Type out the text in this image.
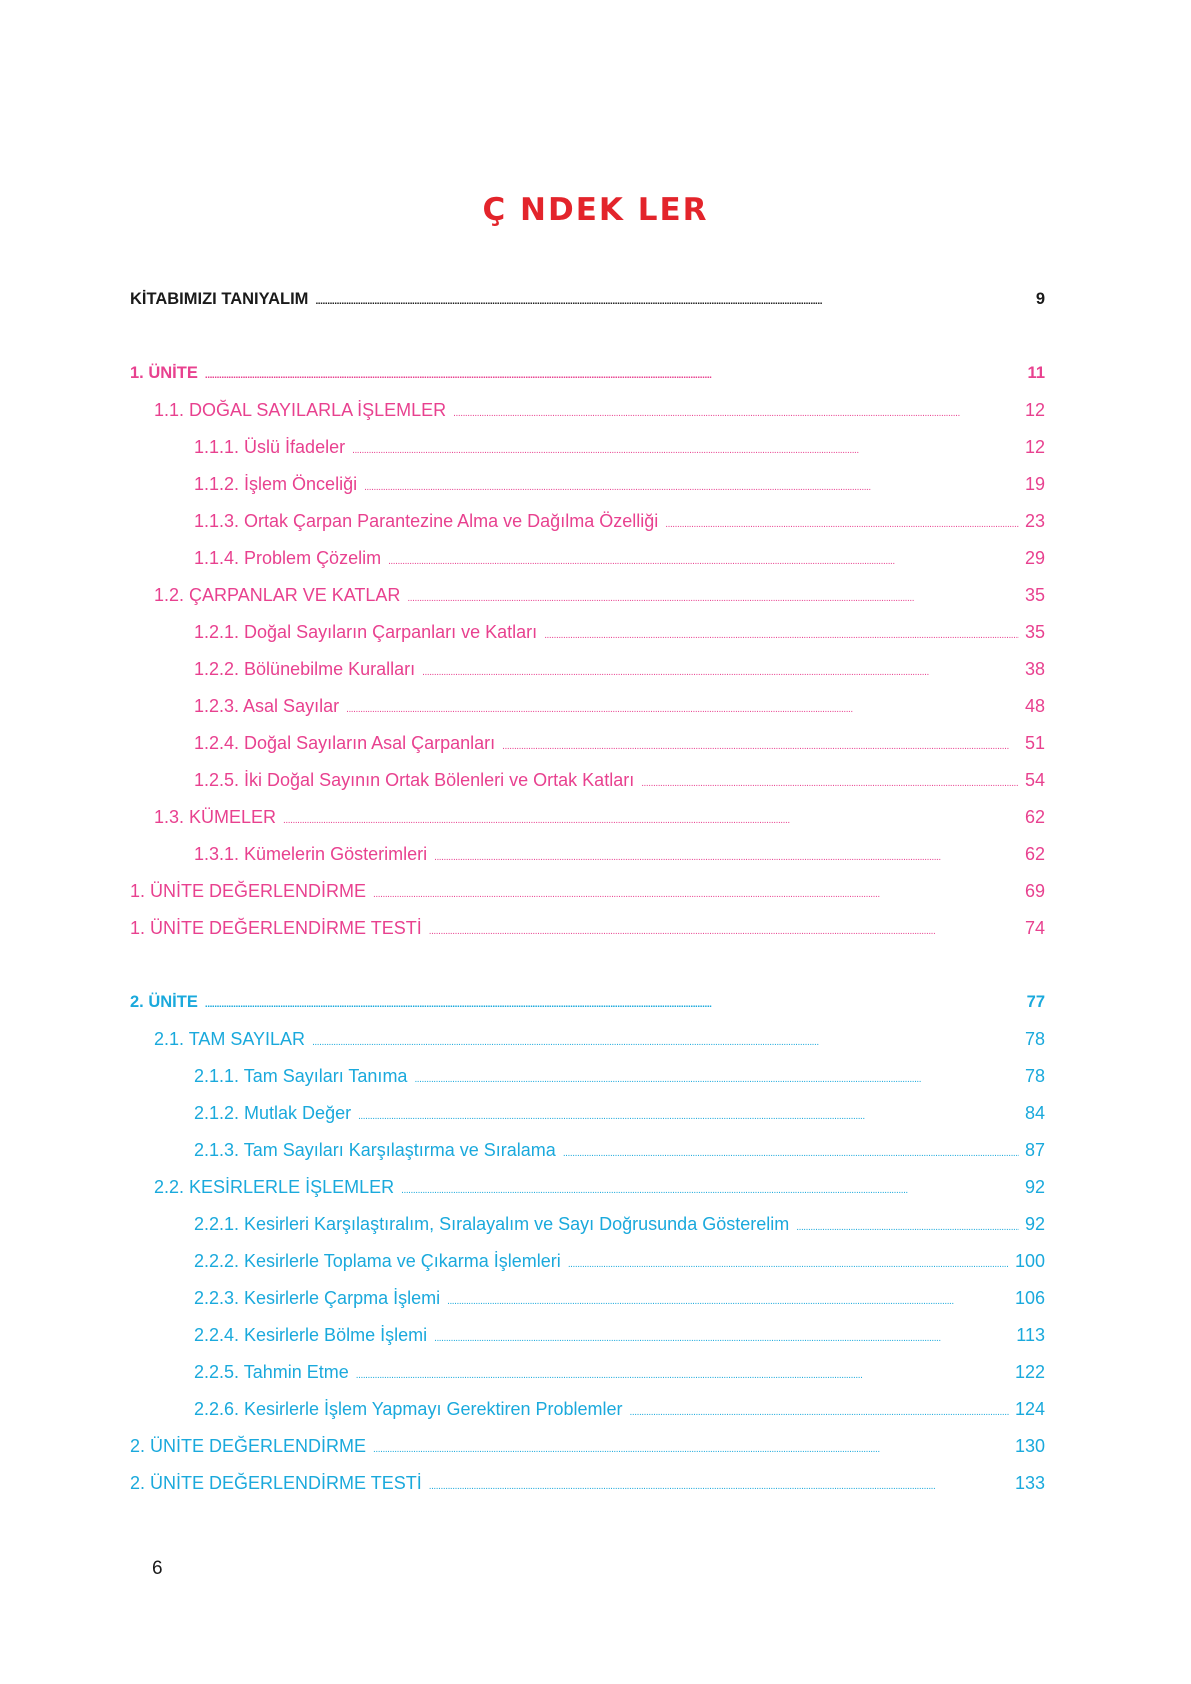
Ç NDEK LER
KİTABIMIZI TANIYALIM . . .	9
1. ÜNİTE . . .	11
1.1. DOĞAL SAYILARLA İŞLEMLER . . .	12
1.1.1. Üslü İfadeler . . .	12
1.1.2. İşlem Önceliği . . .	19
1.1.3. Ortak Çarpan Parantezine Alma ve Dağılma Özelliği . . .	23
1.1.4. Problem Çözelim . . .	29
1.2. ÇARPANLAR VE KATLAR . . .	35
1.2.1. Doğal Sayıların Çarpanları ve Katları . . .	35
1.2.2. Bölünebilme Kuralları . . .	38
1.2.3. Asal Sayılar . . .	48
1.2.4. Doğal Sayıların Asal Çarpanları . . .	51
1.2.5. İki Doğal Sayının Ortak Bölenleri ve Ortak Katları . . .	54
1.3. KÜMELER . . .	62
1.3.1. Kümelerin Gösterimleri . . .	62
1. ÜNİTE DEĞERLENDİRME . . .	69
1. ÜNİTE DEĞERLENDİRME TESTİ . . .	74
2. ÜNİTE . . .	77
2.1. TAM SAYILAR . . .	78
2.1.1. Tam Sayıları Tanıma . . .	78
2.1.2. Mutlak Değer . . .	84
2.1.3. Tam Sayıları Karşılaştırma ve Sıralama . . .	87
2.2. KESİRLERLE İŞLEMLER . . .	92
2.2.1. Kesirleri Karşılaştıralım, Sıralayalım ve Sayı Doğrusunda Gösterelim . . .	92
2.2.2. Kesirlerle Toplama ve Çıkarma İşlemleri . . .	100
2.2.3. Kesirlerle Çarpma İşlemi . . .	106
2.2.4. Kesirlerle Bölme İşlemi . . .	113
2.2.5. Tahmin Etme . . .	122
2.2.6. Kesirlerle İşlem Yapmayı Gerektiren Problemler . . .	124
2. ÜNİTE DEĞERLENDİRME . . .	130
2. ÜNİTE DEĞERLENDİRME TESTİ . . .	133
6
